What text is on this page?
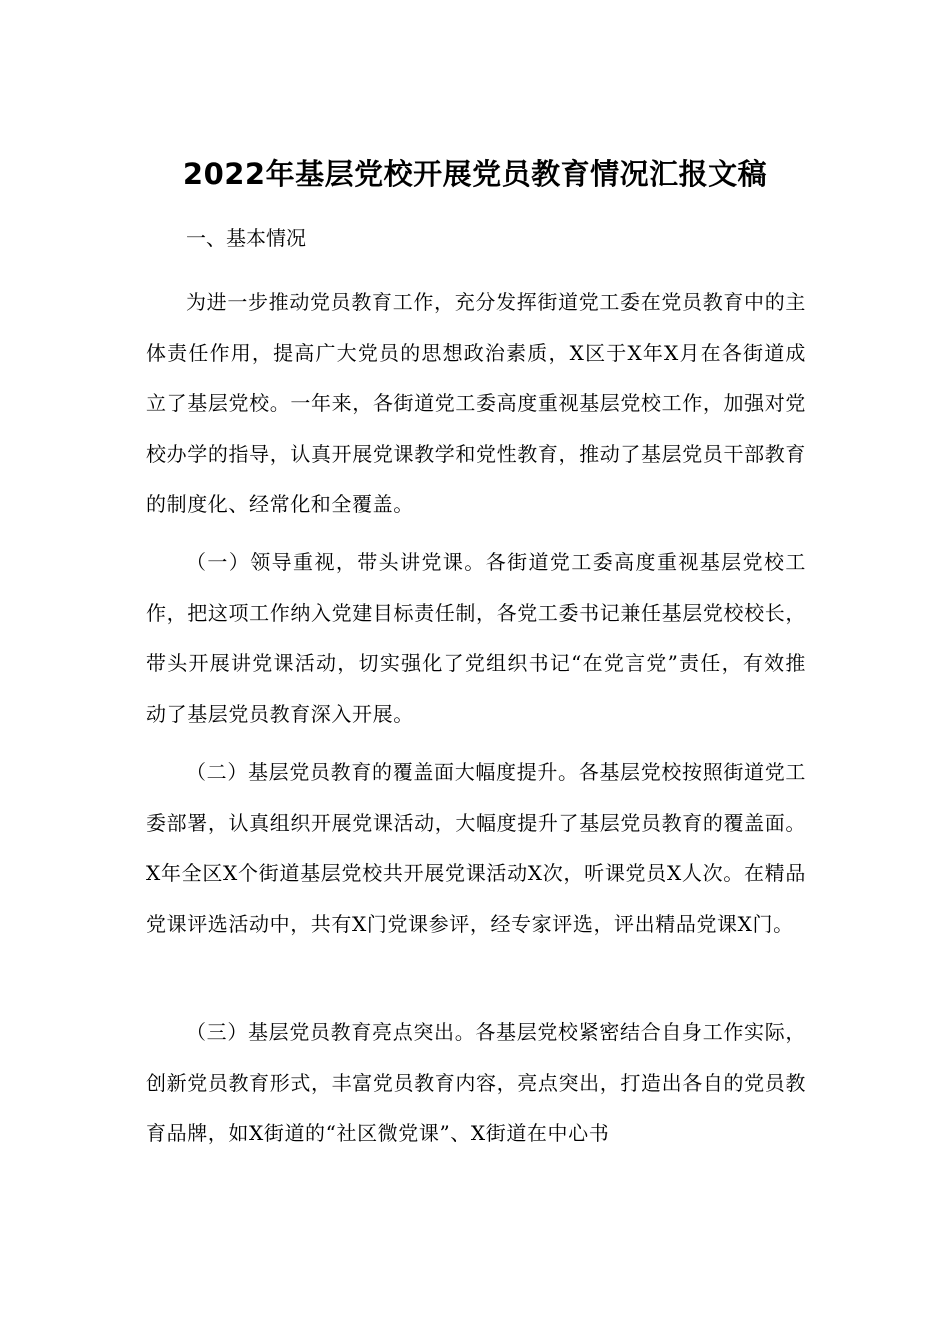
2022年基层党校开展党员教育情况汇报文稿

一、基本情况

为进一步推动党员教育工作，充分发挥街道党工委在党员教育中的主体责任作用，提高广大党员的思想政治素质，X区于X年X月在各街道成立了基层党校。一年来，各街道党工委高度重视基层党校工作，加强对党校办学的指导，认真开展党课教学和党性教育，推动了基层党员干部教育的制度化、经常化和全覆盖。

（一）领导重视，带头讲党课。各街道党工委高度重视基层党校工作，把这项工作纳入党建目标责任制，各党工委书记兼任基层党校校长，带头开展讲党课活动，切实强化了党组织书记“在党言党”责任，有效推动了基层党员教育深入开展。

（二）基层党员教育的覆盖面大幅度提升。各基层党校按照街道党工委部署，认真组织开展党课活动，大幅度提升了基层党员教育的覆盖面。X年全区X个街道基层党校共开展党课活动X次，听课党员X人次。在精品党课评选活动中，共有X门党课参评，经专家评选，评出精品党课X门。

（三）基层党员教育亮点突出。各基层党校紧密结合自身工作实际，创新党员教育形式，丰富党员教育内容，亮点突出，打造出各自的党员教育品牌，如X街道的“社区微党课”、X街道在中心书
